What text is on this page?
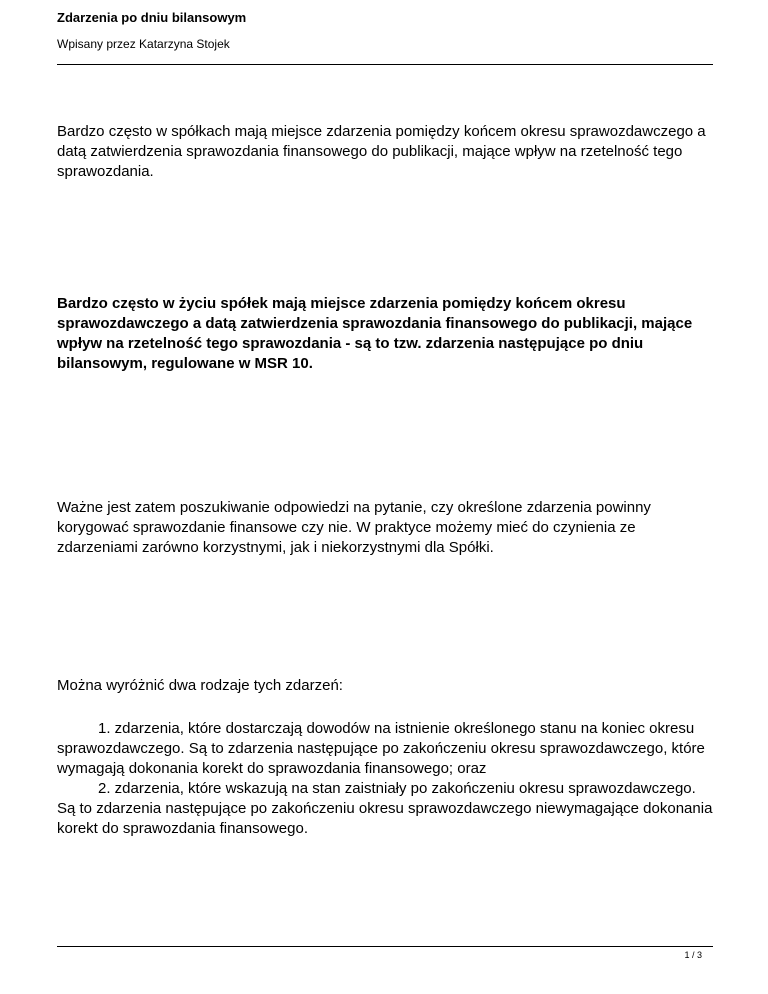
Zdarzenia po dniu bilansowym
Wpisany przez Katarzyna Stojek

Bardzo często w spółkach mają miejsce zdarzenia pomiędzy końcem okresu sprawozdawczego a datą zatwierdzenia sprawozdania finansowego do publikacji, mające wpływ na rzetelność tego sprawozdania.

Bardzo często w życiu spółek mają miejsce zdarzenia pomiędzy końcem okresu sprawozdawczego a datą zatwierdzenia sprawozdania finansowego do publikacji, mające wpływ na rzetelność tego sprawozdania - są to tzw. zdarzenia następujące po dniu bilansowym, regulowane w MSR 10.

Ważne jest zatem poszukiwanie odpowiedzi na pytanie, czy określone zdarzenia powinny korygować sprawozdanie finansowe czy nie. W praktyce możemy mieć do czynienia ze zdarzeniami zarówno korzystnymi, jak i niekorzystnymi dla Spółki.

Można wyróżnić dwa rodzaje tych zdarzeń:

1. zdarzenia, które dostarczają dowodów na istnienie określonego stanu na koniec okresu sprawozdawczego. Są to zdarzenia następujące po zakończeniu okresu sprawozdawczego, które wymagają dokonania korekt do sprawozdania finansowego; oraz
2. zdarzenia, które wskazują na stan zaistniały po zakończeniu okresu sprawozdawczego. Są to zdarzenia następujące po zakończeniu okresu sprawozdawczego niewymagające dokonania korekt do sprawozdania finansowego.
1 / 3
